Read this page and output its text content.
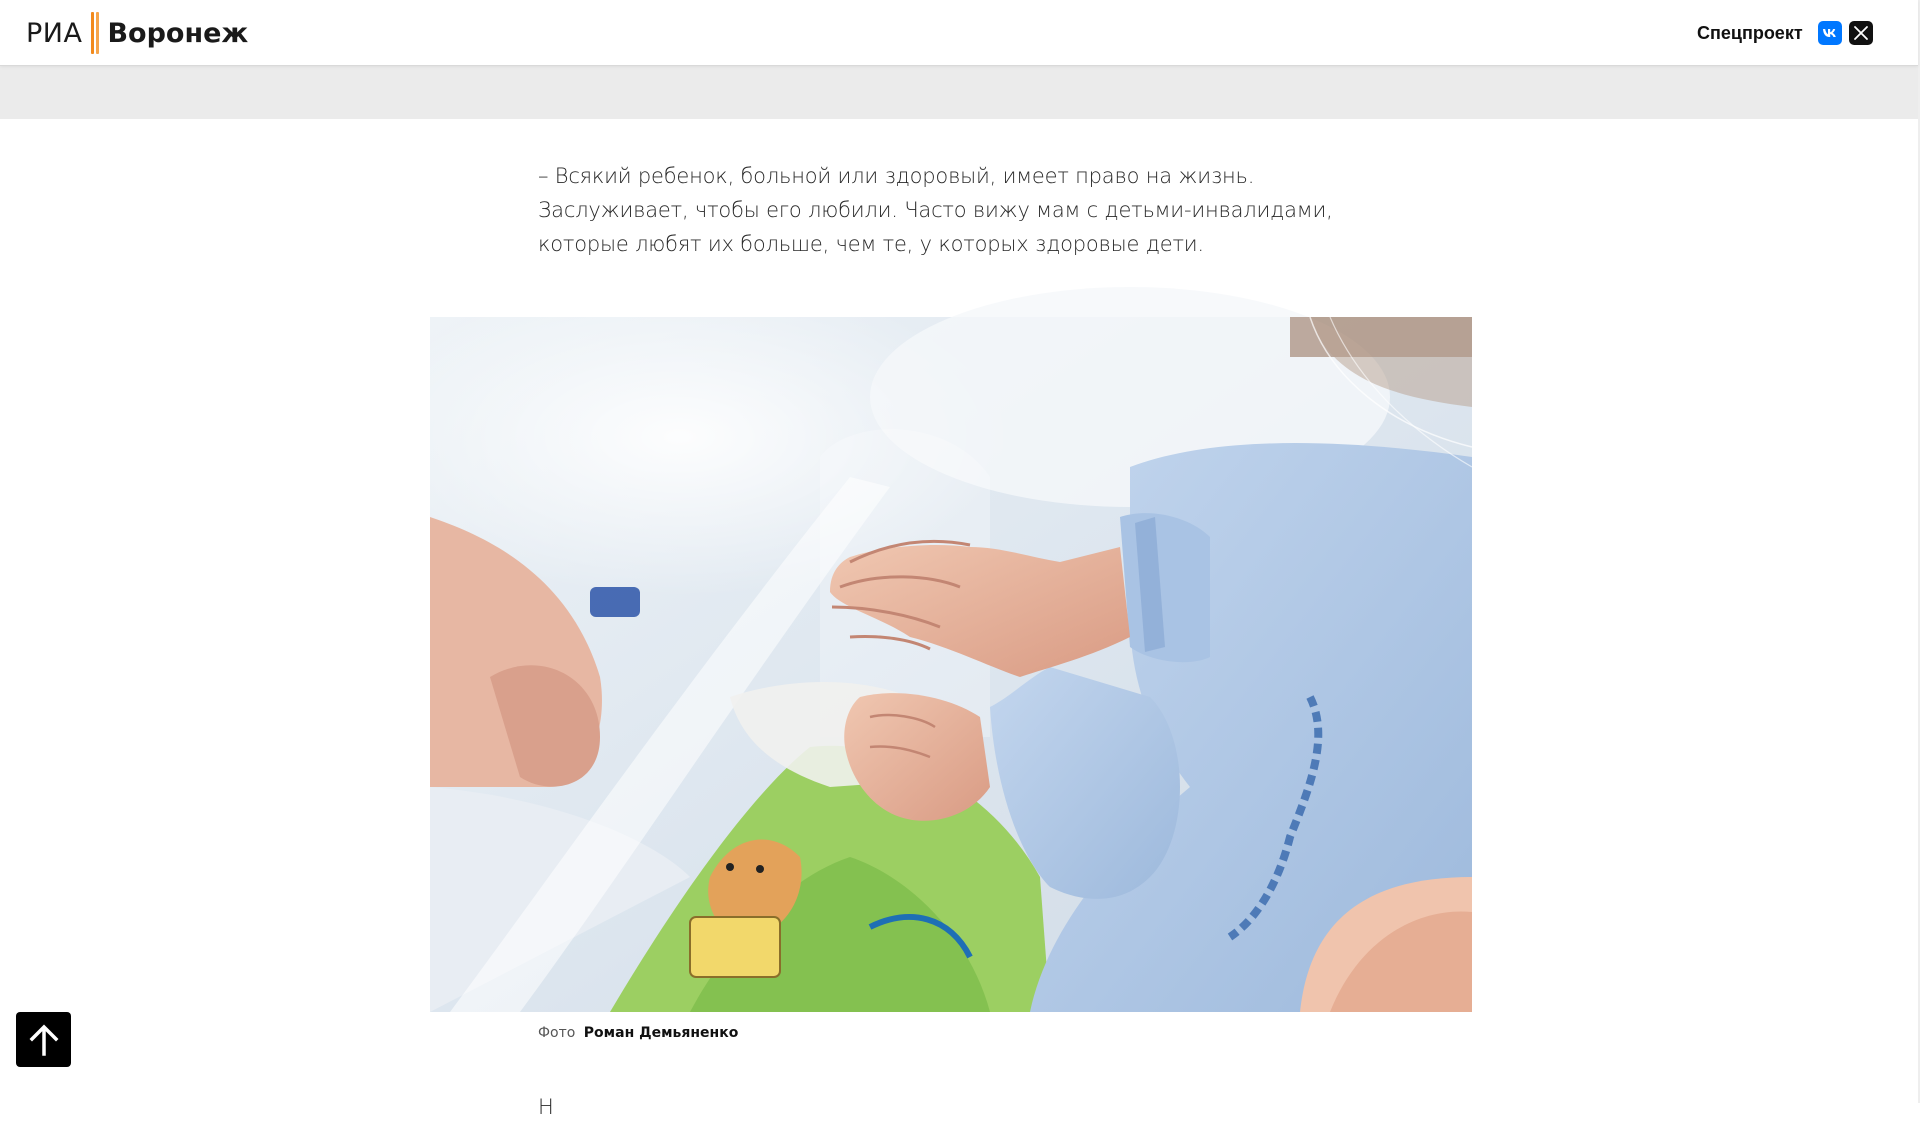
РИА Воронеж	Спецпроект

– Всякий ребенок, больной или здоровый, имеет право на жизнь. Заслуживает, чтобы его любили. Часто вижу мам с детьми-инвалидами, которые любят их больше, чем те, у которых здоровые дети.

Фото Роман Демьяненко

Н
